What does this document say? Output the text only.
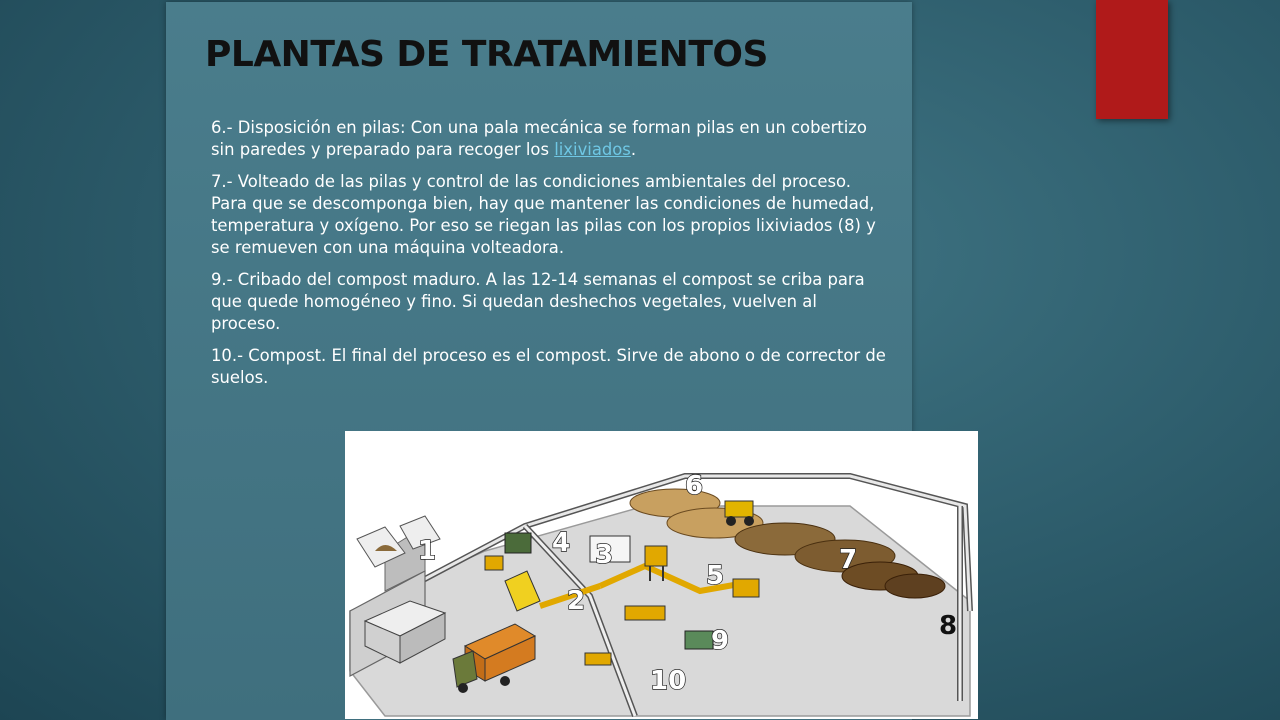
PLANTAS DE TRATAMIENTOS

6.- Disposición en pilas: Con una pala mecánica se forman pilas en un cobertizo sin paredes y preparado para recoger los lixiviados.

7.- Volteado de las pilas y control de las condiciones ambientales del proceso. Para que se descomponga bien, hay que mantener las condiciones de humedad, temperatura y oxígeno. Por eso se riegan las pilas con los propios lixiviados (8) y se remueven con una máquina volteadora.

9.- Cribado del compost maduro. A las 12-14 semanas el compost se criba para que quede homogéneo y fino. Si quedan deshechos vegetales, vuelven al proceso.

10.- Compost. El final del proceso es el compost. Sirve de abono o de corrector de suelos.

1
2
3
4
5
6
7
8
9
10
